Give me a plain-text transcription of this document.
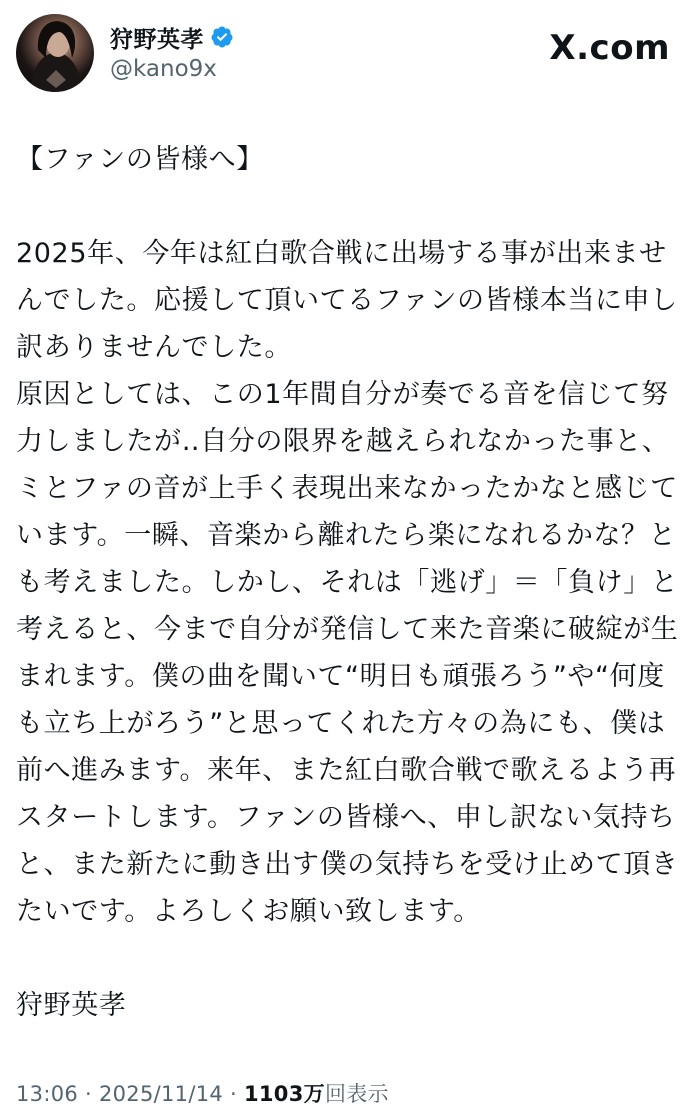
狩野英孝
@kano9x
X.com

【ファンの皆様へ】

2025年、今年は紅白歌合戦に出場する事が出来ませんでした。応援して頂いてるファンの皆様本当に申し訳ありませんでした。

原因としては、この1年間自分が奏でる音を信じて努力しましたが‥自分の限界を越えられなかった事と、ミとファの音が上手く表現出来なかったかなと感じています。一瞬、音楽から離れたら楽になれるかな？とも考えました。しかし、それは「逃げ」＝「負け」と考えると、今まで自分が発信して来た音楽に破綻が生まれます。僕の曲を聞いて“明日も頑張ろう”や“何度も立ち上がろう”と思ってくれた方々の為にも、僕は前へ進みます。来年、また紅白歌合戦で歌えるよう再スタートします。ファンの皆様へ、申し訳ない気持ちと、また新たに動き出す僕の気持ちを受け止めて頂きたいです。よろしくお願い致します。

狩野英孝

13:06 · 2025/11/14 · 1103万回表示
